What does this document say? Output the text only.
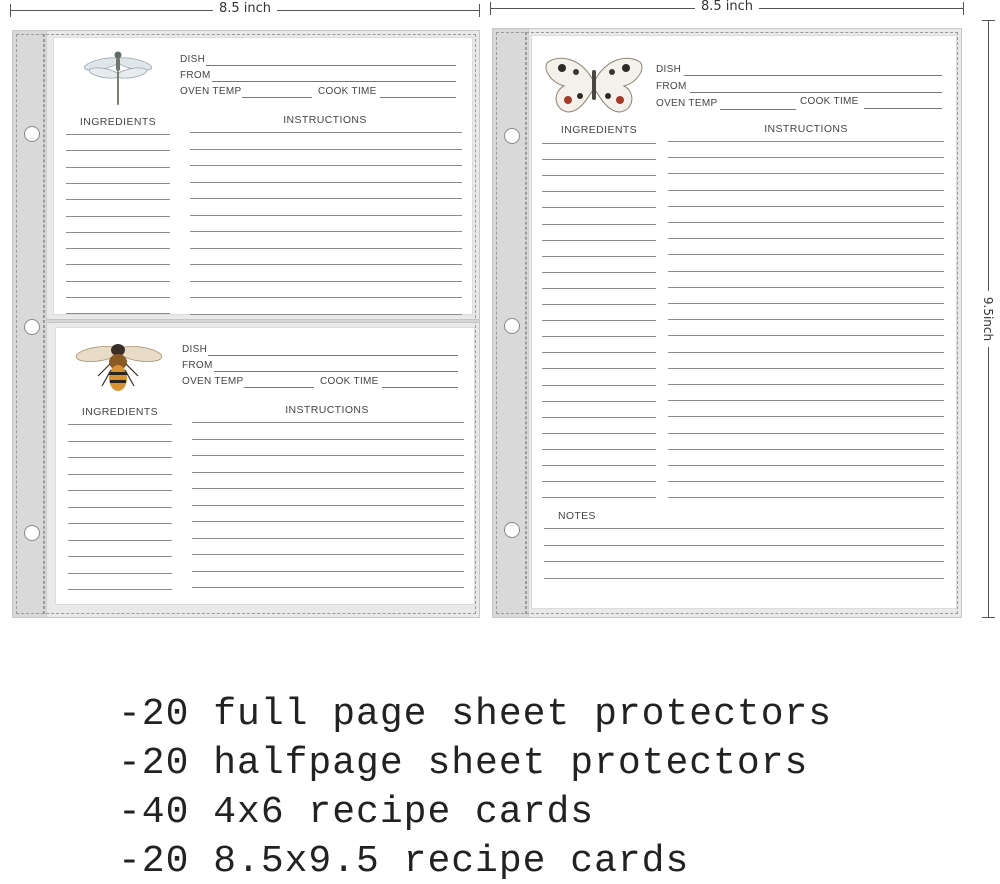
8.5 inch	8.5 inch
9.5inch
DISH
FROM
OVEN TEMP	COOK TIME
INGREDIENTS	INSTRUCTIONS
DISH
FROM
OVEN TEMP	COOK TIME
INGREDIENTS	INSTRUCTIONS
DISH
FROM
OVEN TEMP	COOK TIME
INGREDIENTS	INSTRUCTIONS
NOTES
-20 full page sheet protectors
-20 halfpage sheet protectors
-40 4x6 recipe cards
-20 8.5x9.5 recipe cards
